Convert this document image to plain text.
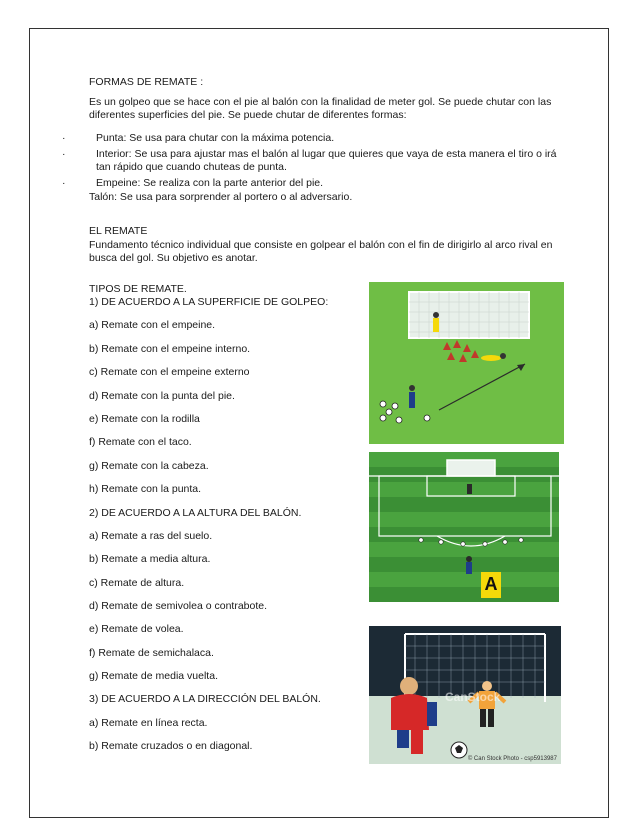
FORMAS DE REMATE :
Es un golpeo que se hace con el pie al balón con la finalidad de meter gol. Se puede chutar con las diferentes superficies del pie. Se puede chutar de diferentes formas:
·	Punta: Se usa para chutar con la máxima potencia.
·	Interior: Se usa para ajustar mas el balón al lugar que quieres que vaya de esta manera el tiro o irá tan rápido que cuando chuteas de punta.
·	Empeine: Se realiza con la parte anterior del pie.
Talón: Se usa para sorprender al portero o al adversario.
EL REMATE
Fundamento técnico individual que consiste en golpear el balón con el fin de dirigirlo al arco rival en busca del gol. Su objetivo es anotar.
TIPOS DE REMATE.
1) DE ACUERDO A LA SUPERFICIE DE GOLPEO:
a) Remate con el empeine.
b) Remate con el empeine interno.
c) Remate con el empeine externo
d) Remate con la punta del pie.
e) Remate con la rodilla
f) Remate con el taco.
g) Remate con la cabeza.
h) Remate con la punta.
2) DE ACUERDO A LA ALTURA DEL BALÓN.
a) Remate a ras del suelo.
b) Remate a media altura.
c) Remate de altura.
d) Remate de semivolea o contrabote.
e) Remate de volea.
f) Remate de semichalaca.
g) Remate de media vuelta.
3) DE ACUERDO A LA DIRECCIÓN DEL BALÓN.
a) Remate en línea recta.
b) Remate cruzados o en diagonal.
A
CanStock
© Can Stock Photo - csp5913987
